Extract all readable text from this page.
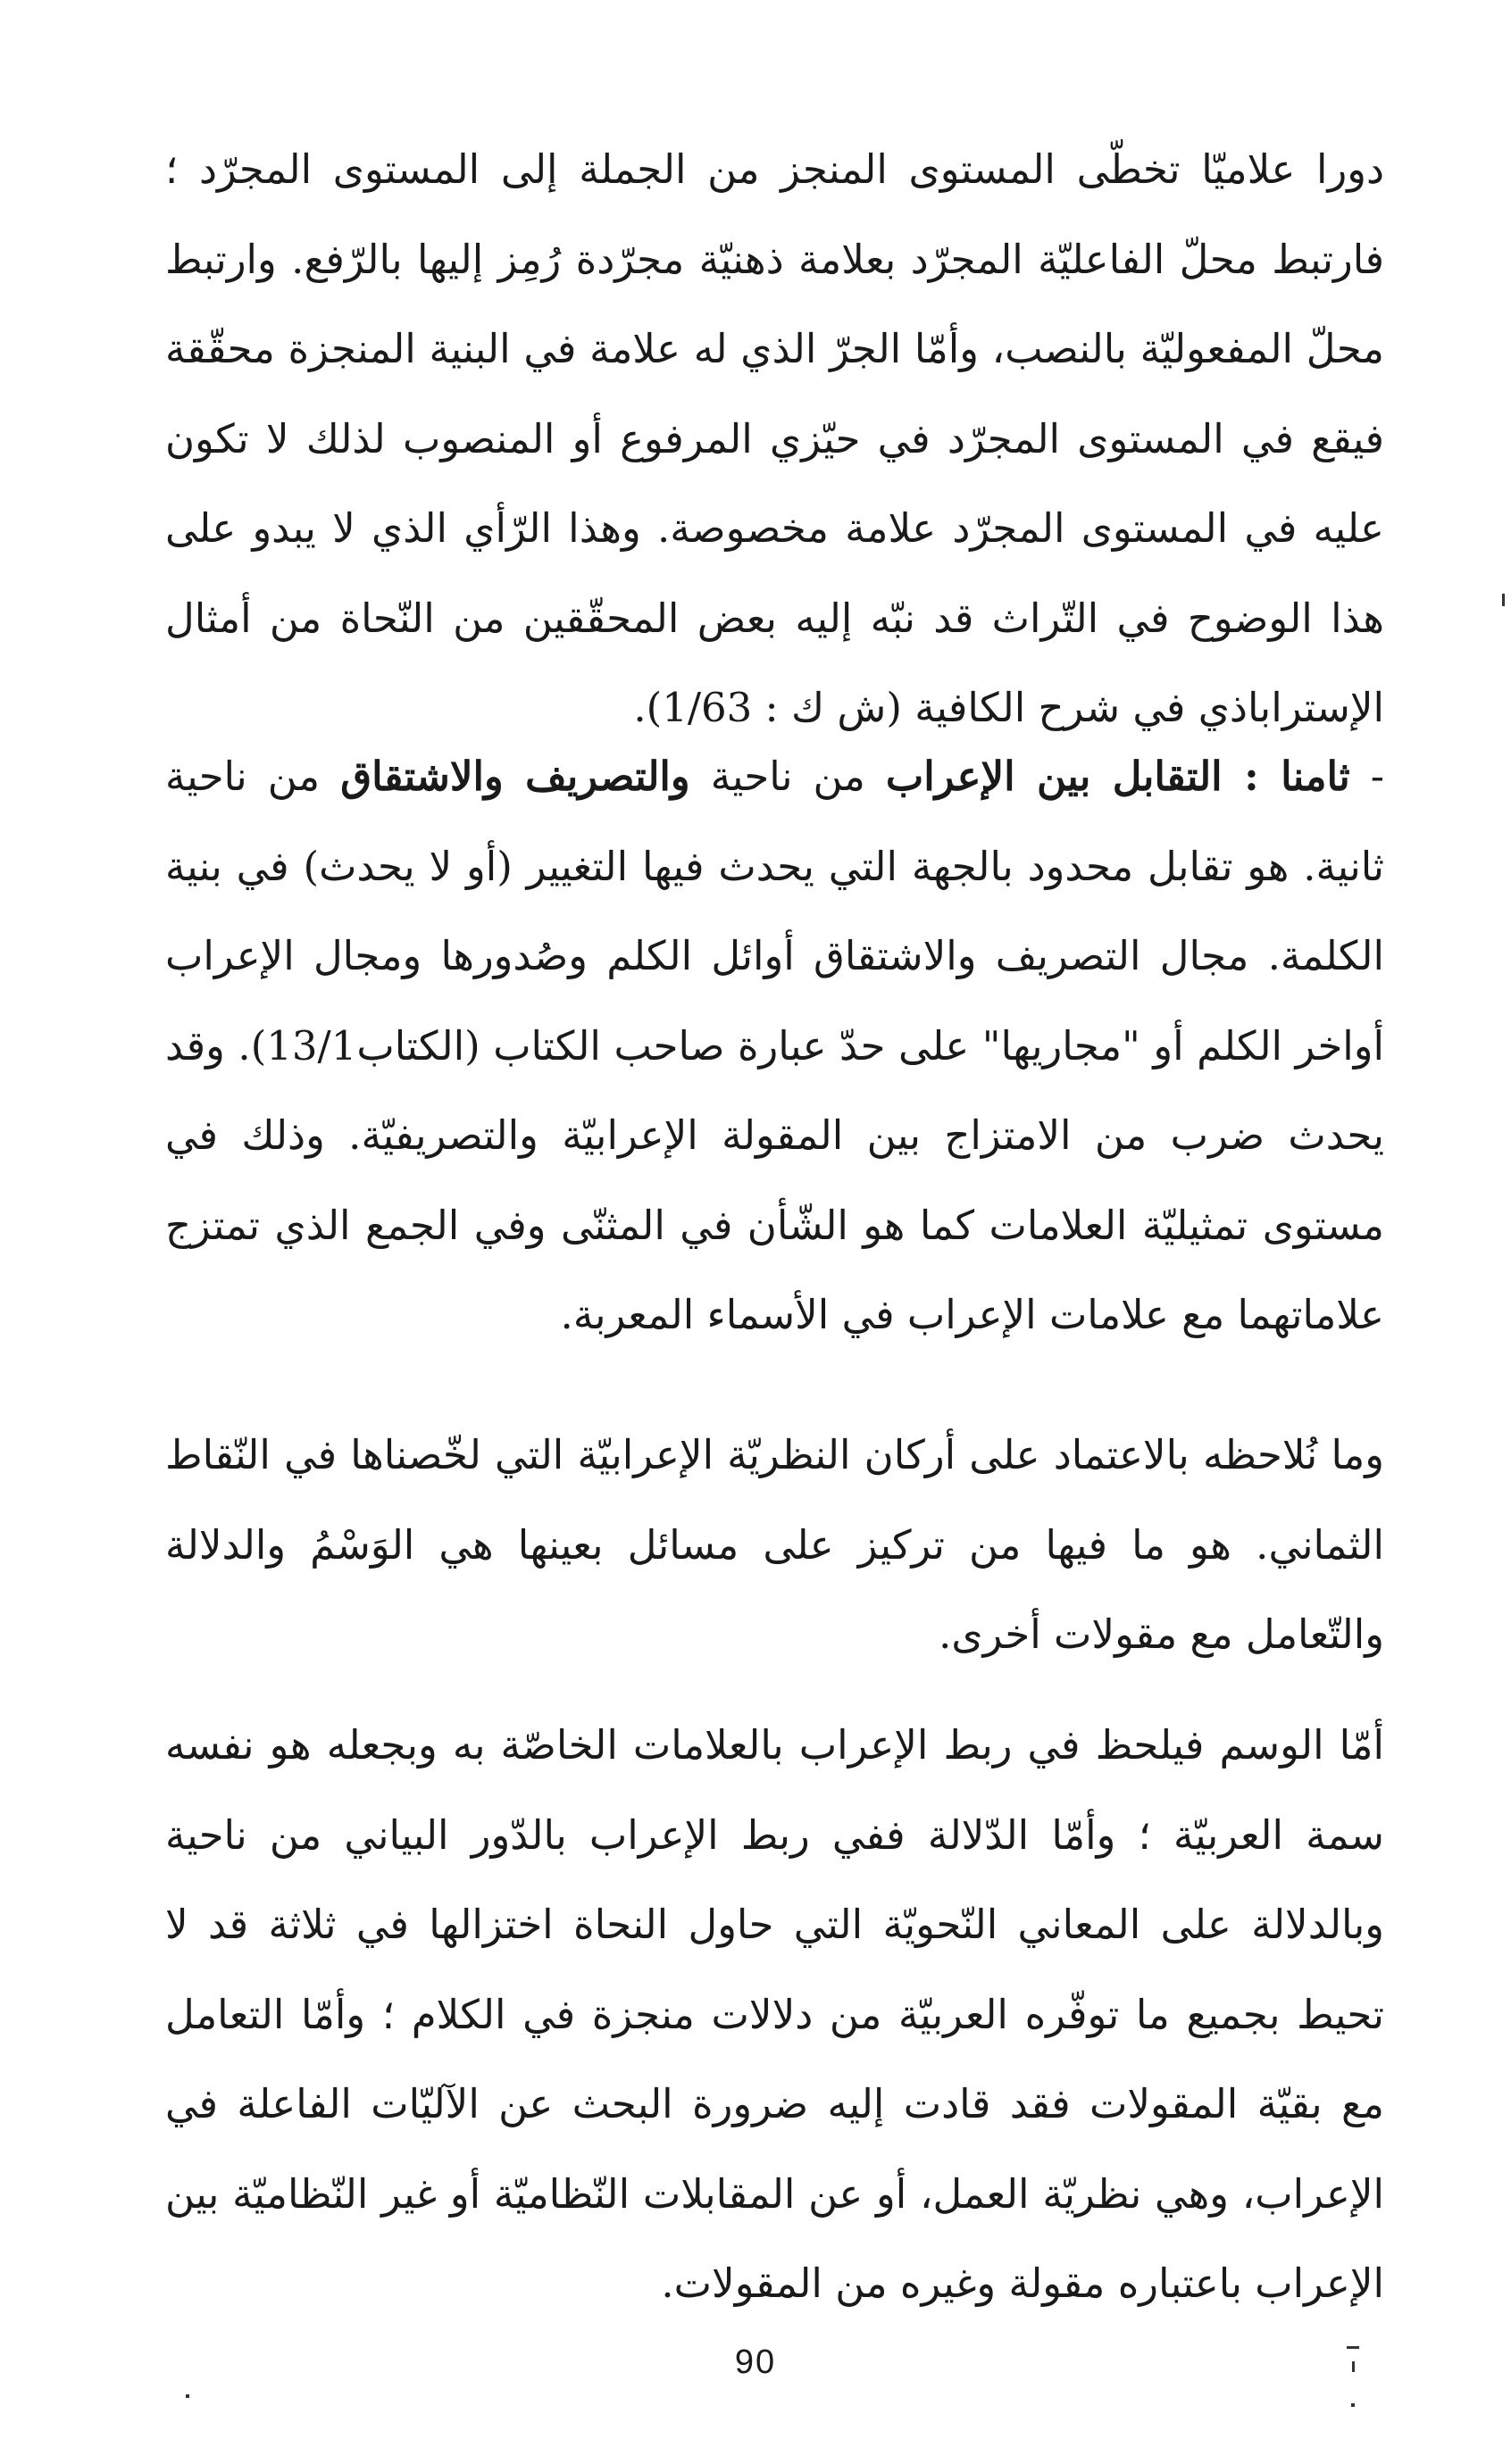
دورا علاميّا تخطّى المستوى المنجز من الجملة إلى المستوى المجرّد ؛ فارتبط محلّ الفاعليّة المجرّد بعلامة ذهنيّة مجرّدة رُمِز إليها بالرّفع. وارتبط محلّ المفعوليّة بالنصب، وأمّا الجرّ الذي له علامة في البنية المنجزة محقّقة فيقع في المستوى المجرّد في حيّزي المرفوع أو المنصوب لذلك لا تكون عليه في المستوى المجرّد علامة مخصوصة. وهذا الرّأي الذي لا يبدو على هذا الوضوح في التّراث قد نبّه إليه بعض المحقّقين من النّحاة من أمثال الإستراباذي في شرح الكافية (ش ك : 1/63).

- ثامنا : التقابل بين الإعراب من ناحية والتصريف والاشتقاق من ناحية ثانية. هو تقابل محدود بالجهة التي يحدث فيها التغيير (أو لا يحدث) في بنية الكلمة. مجال التصريف والاشتقاق أوائل الكلم وصُدورها ومجال الإعراب أواخر الكلم أو "مجاريها" على حدّ عبارة صاحب الكتاب (الكتاب13/1). وقد يحدث ضرب من الامتزاج بين المقولة الإعرابيّة والتصريفيّة. وذلك في مستوى تمثيليّة العلامات كما هو الشّأن في المثنّى وفي الجمع الذي تمتزج علاماتهما مع علامات الإعراب في الأسماء المعربة.

وما نُلاحظه بالاعتماد على أركان النظريّة الإعرابيّة التي لخّصناها في النّقاط الثماني. هو ما فيها من تركيز على مسائل بعينها هي الوَسْمُ والدلالة والتّعامل مع مقولات أخرى.

أمّا الوسم فيلحظ في ربط الإعراب بالعلامات الخاصّة به وبجعله هو نفسه سمة العربيّة ؛ وأمّا الدّلالة ففي ربط الإعراب بالدّور البياني من ناحية وبالدلالة على المعاني النّحويّة التي حاول النحاة اختزالها في ثلاثة قد لا تحيط بجميع ما توفّره العربيّة من دلالات منجزة في الكلام ؛ وأمّا التعامل مع بقيّة المقولات فقد قادت إليه ضرورة البحث عن الآليّات الفاعلة في الإعراب، وهي نظريّة العمل، أو عن المقابلات النّظاميّة أو غير النّظاميّة بين الإعراب باعتباره مقولة وغيره من المقولات.

90
